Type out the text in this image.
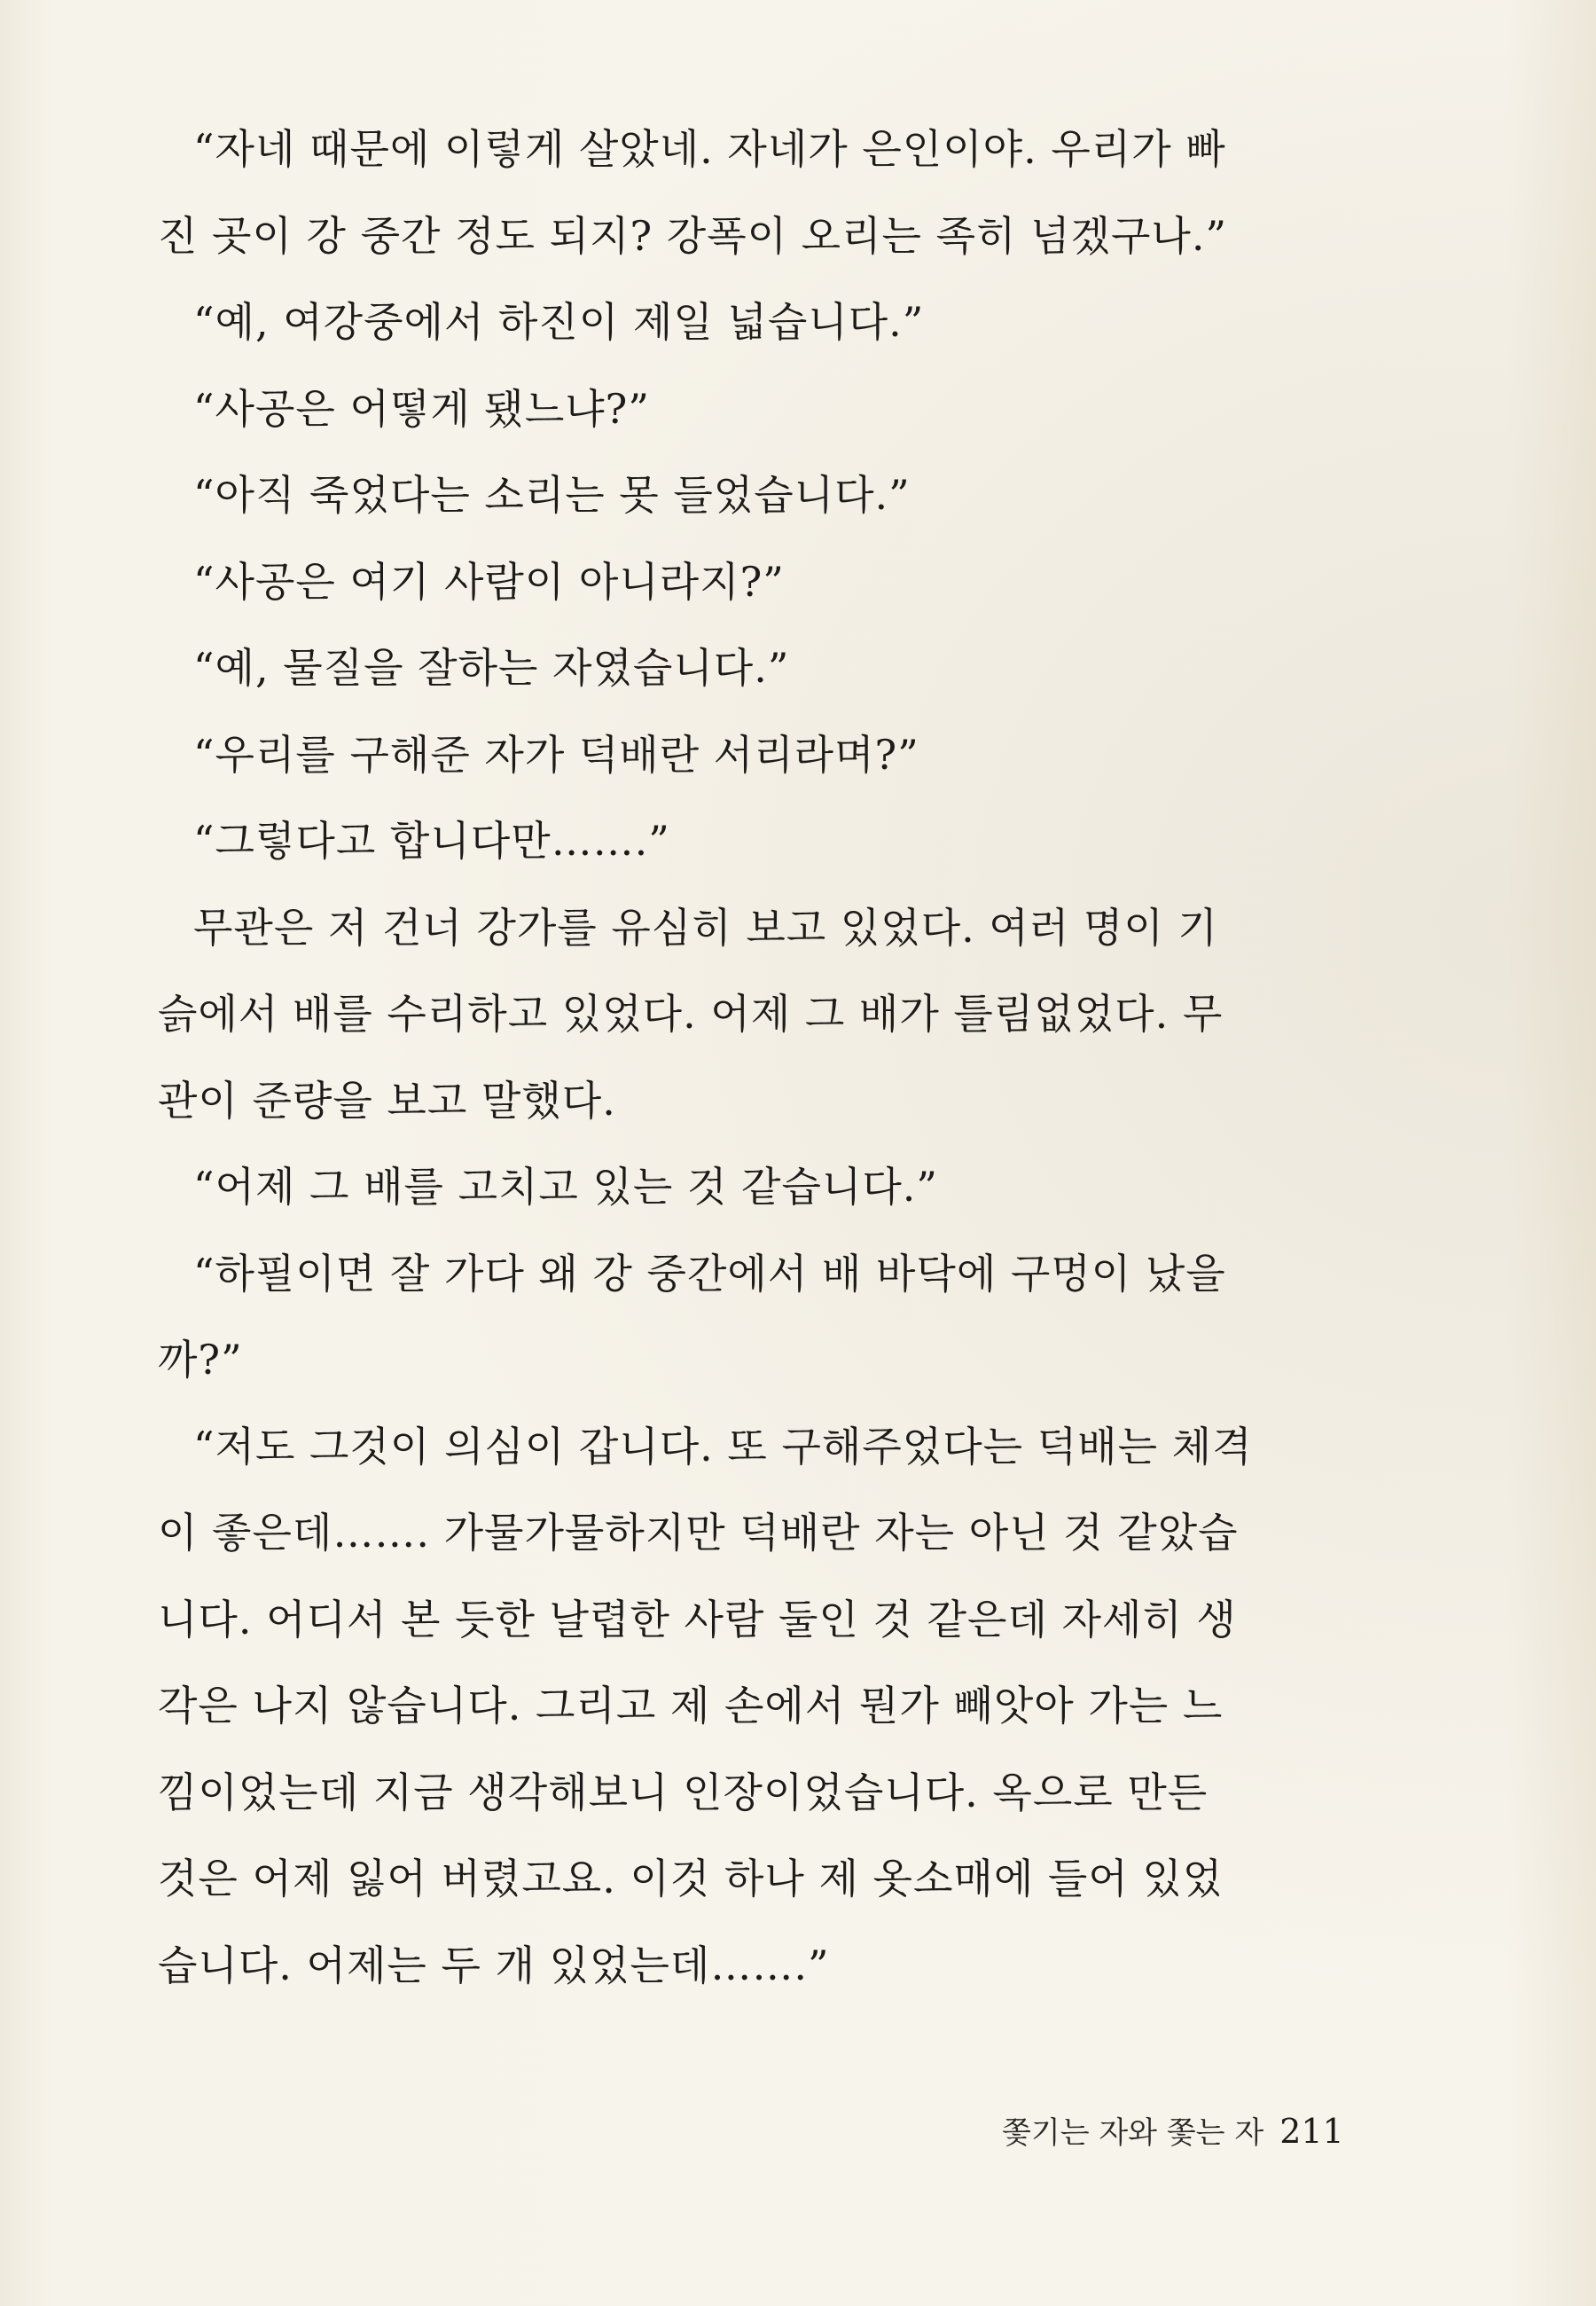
“자네 때문에 이렇게 살았네. 자네가 은인이야. 우리가 빠
진 곳이 강 중간 정도 되지? 강폭이 오리는 족히 넘겠구나.”
“예, 여강중에서 하진이 제일 넓습니다.”
“사공은 어떻게 됐느냐?”
“아직 죽었다는 소리는 못 들었습니다.”
“사공은 여기 사람이 아니라지?”
“예, 물질을 잘하는 자였습니다.”
“우리를 구해준 자가 덕배란 서리라며?”
“그렇다고 합니다만…….”
무관은 저 건너 강가를 유심히 보고 있었다. 여러 명이 기
슭에서 배를 수리하고 있었다. 어제 그 배가 틀림없었다. 무
관이 준량을 보고 말했다.
“어제 그 배를 고치고 있는 것 같습니다.”
“하필이면 잘 가다 왜 강 중간에서 배 바닥에 구멍이 났을
까?”
“저도 그것이 의심이 갑니다. 또 구해주었다는 덕배는 체격
이 좋은데……. 가물가물하지만 덕배란 자는 아닌 것 같았습
니다. 어디서 본 듯한 날렵한 사람 둘인 것 같은데 자세히 생
각은 나지 않습니다. 그리고 제 손에서 뭔가 빼앗아 가는 느
낌이었는데 지금 생각해보니 인장이었습니다. 옥으로 만든
것은 어제 잃어 버렸고요. 이것 하나 제 옷소매에 들어 있었
습니다. 어제는 두 개 있었는데…….”
쫓기는 자와 쫓는 자 211
